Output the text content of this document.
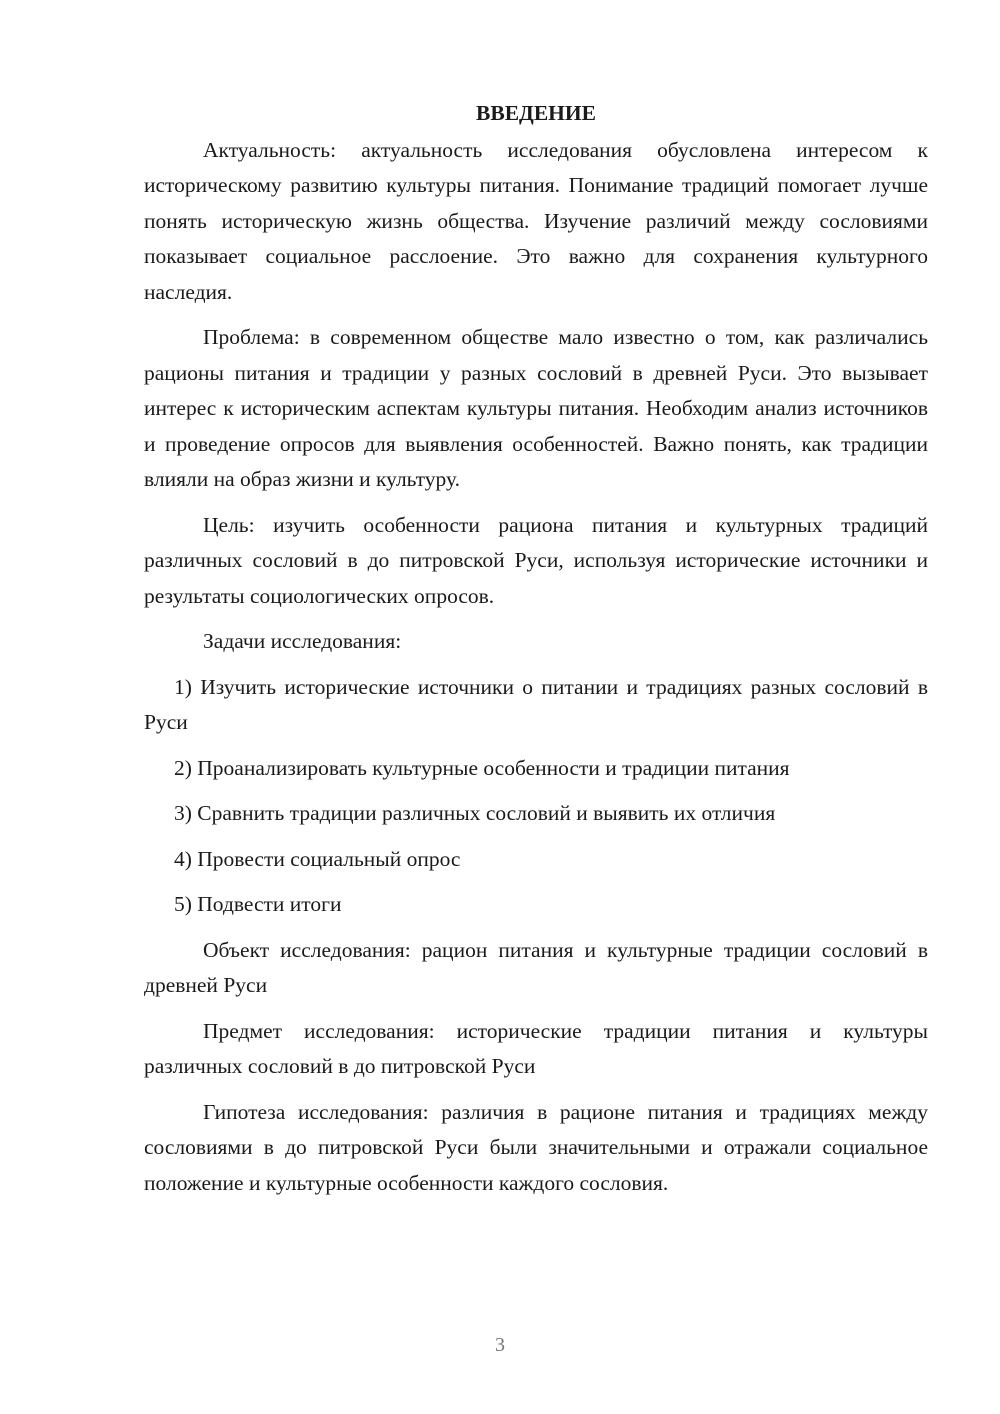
ВВЕДЕНИЕ

Актуальность: актуальность исследования обусловлена интересом к историческому развитию культуры питания. Понимание традиций помогает лучше понять историческую жизнь общества. Изучение различий между сословиями показывает социальное расслоение. Это важно для сохранения культурного наследия.

Проблема: в современном обществе мало известно о том, как различались рационы питания и традиции у разных сословий в древней Руси. Это вызывает интерес к историческим аспектам культуры питания. Необходим анализ источников и проведение опросов для выявления особенностей. Важно понять, как традиции влияли на образ жизни и культуру.

Цель: изучить особенности рациона питания и культурных традиций различных сословий в до питровской Руси, используя исторические источники и результаты социологических опросов.

Задачи исследования:

1) Изучить исторические источники о питании и традициях разных сословий в Руси

2) Проанализировать культурные особенности и традиции питания

3) Сравнить традиции различных сословий и выявить их отличия

4) Провести социальный опрос

5) Подвести итоги

Объект исследования: рацион питания и культурные традиции сословий в древней Руси

Предмет исследования: исторические традиции питания и культуры различных сословий в до питровской Руси

Гипотеза исследования: различия в рационе питания и традициях между сословиями в до питровской Руси были значительными и отражали социальное положение и культурные особенности каждого сословия.

3
